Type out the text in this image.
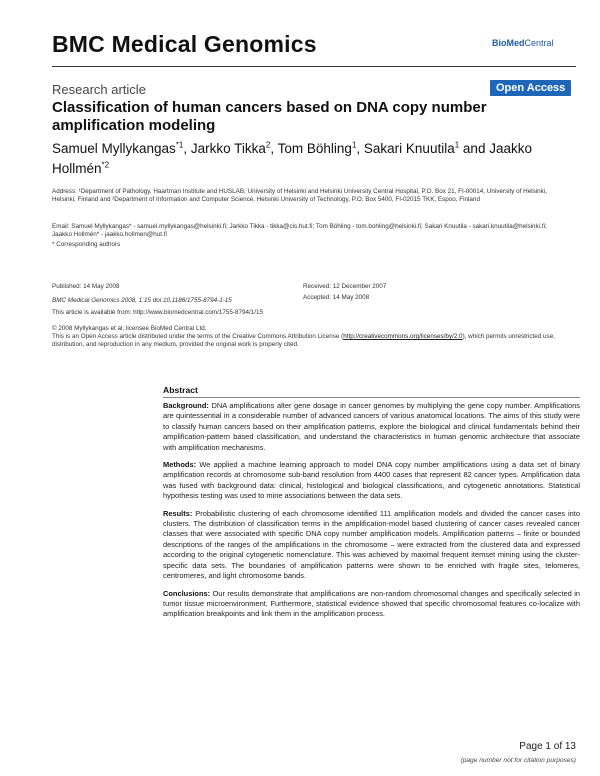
BMC Medical Genomics	BioMedCentral
Research article	Open Access
Classification of human cancers based on DNA copy number amplification modeling
Samuel Myllykangas$^{*1}$, Jarkko Tikka$^2$, Tom Böhling$^1$, Sakari Knuutila$^1$ and Jaakko Hollmén$^{*2}$
Address: ¹Department of Pathology, Haartman Institute and HUSLAB, University of Helsinki and Helsinki University Central Hospital, P.O. Box 21, FI-00014, University of Helsinki, Helsinki, Finland and ²Department of Information and Computer Science, Helsinki University of Technology, P.O. Box 5400, FI-02015 TKK, Espoo, Finland
Email: Samuel Myllykangas* - samuel.myllykangas@helsinki.fi; Jarkko Tikka - tikka@cis.hut.fi; Tom Böhling - tom.bohling@helsinki.fi; Sakari Knuutila - sakari.knuutila@helsinki.fi; Jaakko Hollmén* - jaakko.hollmen@hut.fi
* Corresponding authors
Published: 14 May 2008	Received: 12 December 2007
BMC Medical Genomics 2008, 1:15 doi:10.1186/1755-8794-1-15	Accepted: 14 May 2008
This article is available from: http://www.biomedcentral.com/1755-8794/1/15
© 2008 Myllykangas et al; licensee BioMed Central Ltd.
This is an Open Access article distributed under the terms of the Creative Commons Attribution License (http://creativecommons.org/licenses/by/2.0), which permits unrestricted use, distribution, and reproduction in any medium, provided the original work is properly cited.
Abstract

Background: DNA amplifications alter gene dosage in cancer genomes by multiplying the gene copy number. Amplifications are quintessential in a considerable number of advanced cancers of various anatomical locations. The aims of this study were to classify human cancers based on their amplification patterns, explore the biological and clinical fundamentals behind their amplification-pattern based classification, and understand the characteristics in human genomic architecture that associate with amplification mechanisms.

Methods: We applied a machine learning approach to model DNA copy number amplifications using a data set of binary amplification records at chromosome sub-band resolution from 4400 cases that represent 82 cancer types. Amplification data was fused with background data: clinical, histological and biological classifications, and cytogenetic annotations. Statistical hypothesis testing was used to mine associations between the data sets.

Results: Probabilistic clustering of each chromosome identified 111 amplification models and divided the cancer cases into clusters. The distribution of classification terms in the amplification-model based clustering of cancer cases revealed cancer classes that were associated with specific DNA copy number amplification models. Amplification patterns – finite or bounded descriptions of the ranges of the amplifications in the chromosome – were extracted from the clustered data and expressed according to the original cytogenetic nomenclature. This was achieved by maximal frequent itemset mining using the cluster-specific data sets. The boundaries of amplification patterns were shown to be enriched with fragile sites, telomeres, centromeres, and light chromosome bands.

Conclusions: Our results demonstrate that amplifications are non-random chromosomal changes and specifically selected in tumor tissue microenvironment. Furthermore, statistical evidence showed that specific chromosomal features co-localize with amplification breakpoints and link them in the amplification process.

Page 1 of 13
(page number not for citation purposes)
